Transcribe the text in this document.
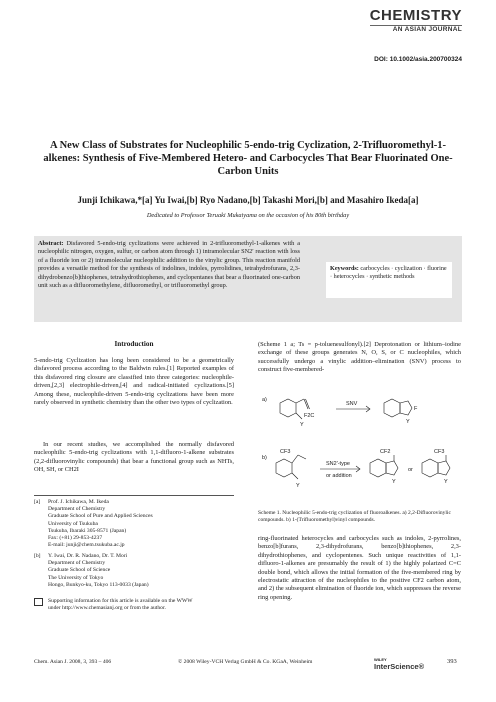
CHEMISTRY
AN ASIAN JOURNAL
DOI: 10.1002/asia.200700324
A New Class of Substrates for Nucleophilic 5-endo-trig Cyclization, 2-Trifluoromethyl-1-alkenes: Synthesis of Five-Membered Hetero- and Carbocycles That Bear Fluorinated One-Carbon Units
Junji Ichikawa,*[a] Yu Iwai,[b] Ryo Nadano,[b] Takashi Mori,[b] and Masahiro Ikeda[a]
Dedicated to Professor Teruaki Mukaiyama on the occasion of his 80th birthday
Abstract: Disfavored 5-endo-trig cyclizations were achieved in 2-trifluoromethyl-1-alkenes with a nucleophilic nitrogen, oxygen, sulfur, or carbon atom through 1) intramolecular SN2′ reaction with loss of a fluoride ion or 2) intramolecular nucleophilic addition to the vinylic group. This reaction manifold provides a versatile method for the synthesis of indolines, indoles, pyrrolidines, tetrahydrofurans, 2,3-dihydrobenzo[b]thiophenes, tetrahydrothiophenes, and cyclopentanes that bear a fluorinated one-carbon unit such as a difluoromethylene, difluoromethyl, or trifluoromethyl group.
Keywords: carbocycles · cyclization · fluorine · heterocycles · synthetic methods
Introduction
5-endo-trig Cyclization has long been considered to be a geometrically disfavored process according to the Baldwin rules.[1] Reported examples of this disfavored ring closure are classified into three categories: nucleophile-driven,[2,3] electrophile-driven,[4] and radical-initiated cyclizations.[5] Among these, nucleophile-driven 5-endo-trig cyclizations have been more rarely observed in synthetic chemistry than the other two types of cyclization.
In our recent studies, we accomplished the normally disfavored nucleophilic 5-endo-trig cyclizations with 1,1-difluoro-1-alkene substrates (2,2-difluorovinylic compounds) that bear a functional group such as NHTs, OH, SH, or CH2I
[a]	Prof. J. Ichikawa, M. Ikeda
Department of Chemistry
Graduate School of Pure and Applied Sciences
University of Tsukuba
Tsukuba, Ibaraki 305-8571 (Japan)
Fax: (+81) 29-853-4237
E-mail: junji@chem.tsukuba.ac.jp
[b]	Y. Iwai, Dr. R. Nadano, Dr. T. Mori
Department of Chemistry
Graduate School of Science
The University of Tokyo
Hongo, Bunkyo-ku, Tokyo 113-0033 (Japan)
Supporting information for this article is available on the WWW
under http://www.chemasianj.org or from the author.
(Scheme 1 a; Ts = p-toluenesulfonyl).[2] Deprotonation or lithium–iodine exchange of these groups generates N, O, S, or C nucleophiles, which successfully undergo a vinylic addition–elimination (SNV) process to construct five-membered-
a)
F2C
Y
SNV
F
Y
b)
CF3
Y
SN2′-type
or addition
CF2
Y
or
CF3
Y
Scheme 1. Nucleophilic 5-endo-trig cyclization of fluoroalkenes. a) 2,2-Difluorovinylic compounds. b) 1-(Trifluoromethyl)vinyl compounds.
ring-fluorinated heterocycles and carbocycles such as indoles, 2-pyrrolines, benzo[b]furans, 2,3-dihydrofurans, benzo[b]thiophenes, 2,3-dihydrothiophenes, and cyclopentenes. Such unique reactivities of 1,1-difluoro-1-alkenes are presumably the result of 1) the highly polarized C=C double bond, which allows the initial formation of the five-membered ring by electrostatic attraction of the nucleophiles to the positive CF2 carbon atom, and 2) the subsequent elimination of fluoride ion, which suppresses the reverse ring opening.
Chem. Asian J. 2008, 3, 393 – 406	© 2008 Wiley-VCH Verlag GmbH & Co. KGaA, Weinheim	WILEY
InterScience®
393
